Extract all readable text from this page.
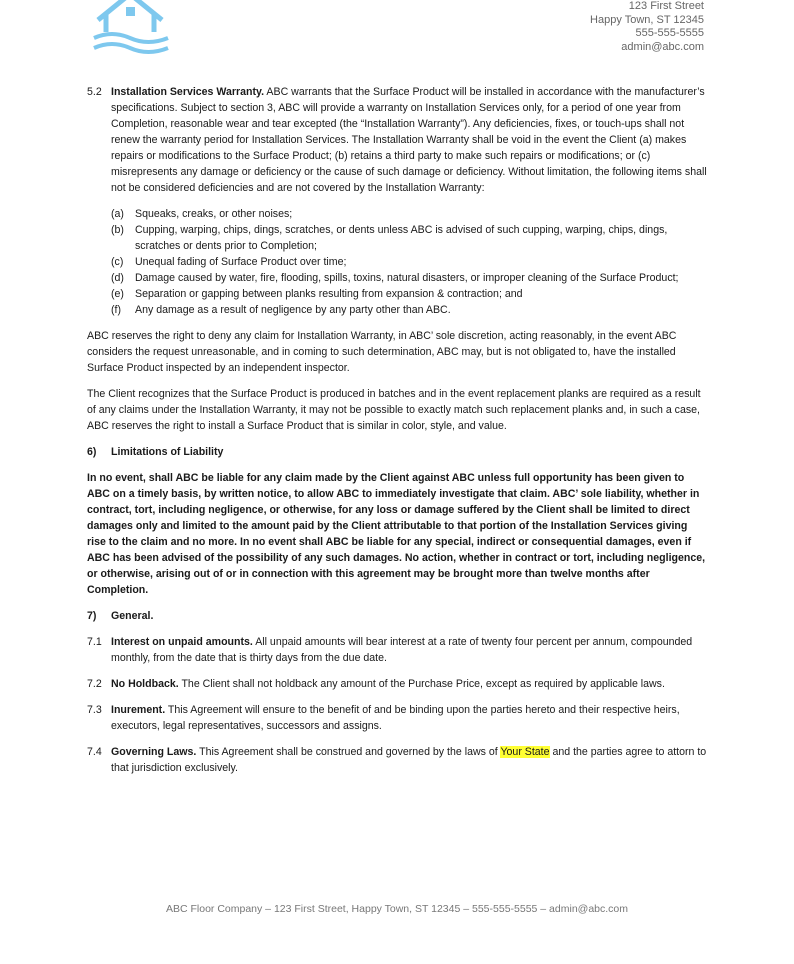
123 First Street
Happy Town, ST 12345
555-555-5555
admin@abc.com
5.2 Installation Services Warranty. ABC warrants that the Surface Product will be installed in accordance with the manufacturer’s specifications. Subject to section 3, ABC will provide a warranty on Installation Services only, for a period of one year from Completion, reasonable wear and tear excepted (the “Installation Warranty”). Any deficiencies, fixes, or touch-ups shall not renew the warranty period for Installation Services. The Installation Warranty shall be void in the event the Client (a) makes repairs or modifications to the Surface Product; (b) retains a third party to make such repairs or modifications; or (c) misrepresents any damage or deficiency or the cause of such damage or deficiency. Without limitation, the following items shall not be considered deficiencies and are not covered by the Installation Warranty:
(a)	Squeaks, creaks, or other noises;
(b)	Cupping, warping, chips, dings, scratches, or dents unless ABC is advised of such cupping, warping, chips, dings, scratches or dents prior to Completion;
(c)	Unequal fading of Surface Product over time;
(d)	Damage caused by water, fire, flooding, spills, toxins, natural disasters, or improper cleaning of the Surface Product;
(e)	Separation or gapping between planks resulting from expansion & contraction; and
(f)	Any damage as a result of negligence by any party other than ABC.

ABC reserves the right to deny any claim for Installation Warranty, in ABC’ sole discretion, acting reasonably, in the event ABC considers the request unreasonable, and in coming to such determination, ABC may, but is not obligated to, have the installed Surface Product inspected by an independent inspector.

The Client recognizes that the Surface Product is produced in batches and in the event replacement planks are required as a result of any claims under the Installation Warranty, it may not be possible to exactly match such replacement planks and, in such a case, ABC reserves the right to install a Surface Product that is similar in color, style, and value.

6)	Limitations of Liability

In no event, shall ABC be liable for any claim made by the Client against ABC unless full opportunity has been given to ABC on a timely basis, by written notice, to allow ABC to immediately investigate that claim. ABC’ sole liability, whether in contract, tort, including negligence, or otherwise, for any loss or damage suffered by the Client shall be limited to direct damages only and limited to the amount paid by the Client attributable to that portion of the Installation Services giving rise to the claim and no more. In no event shall ABC be liable for any special, indirect or consequential damages, even if ABC has been advised of the possibility of any such damages. No action, whether in contract or tort, including negligence, or otherwise, arising out of or in connection with this agreement may be brought more than twelve months after Completion.

7)	General.
7.1 Interest on unpaid amounts. All unpaid amounts will bear interest at a rate of twenty four percent per annum, compounded monthly, from the date that is thirty days from the due date.
7.2 No Holdback. The Client shall not holdback any amount of the Purchase Price, except as required by applicable laws.
7.3 Inurement. This Agreement will ensure to the benefit of and be binding upon the parties hereto and their respective heirs, executors, legal representatives, successors and assigns.
7.4 Governing Laws. This Agreement shall be construed and governed by the laws of Your State and the parties agree to attorn to that jurisdiction exclusively.
ABC Floor Company – 123 First Street, Happy Town, ST 12345 – 555-555-5555 – admin@abc.com
